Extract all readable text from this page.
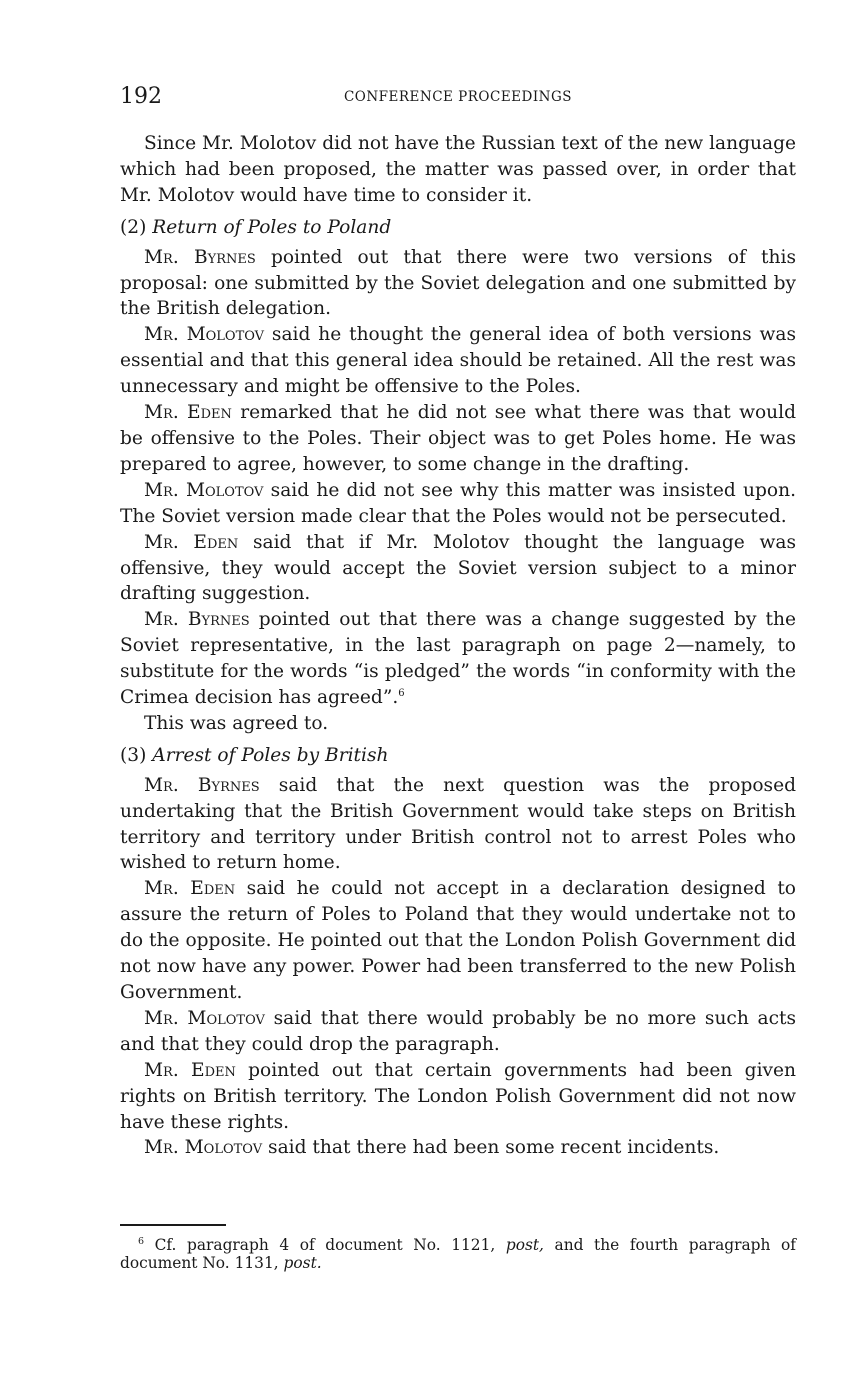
192	CONFERENCE PROCEEDINGS

Since Mr. Molotov did not have the Russian text of the new language which had been proposed, the matter was passed over, in order that Mr. Molotov would have time to consider it.

(2) Return of Poles to Poland

Mr. Byrnes pointed out that there were two versions of this proposal: one submitted by the Soviet delegation and one submitted by the British delegation.

Mr. Molotov said he thought the general idea of both versions was essential and that this general idea should be retained. All the rest was unnecessary and might be offensive to the Poles.

Mr. Eden remarked that he did not see what there was that would be offensive to the Poles. Their object was to get Poles home. He was prepared to agree, however, to some change in the drafting.

Mr. Molotov said he did not see why this matter was insisted upon. The Soviet version made clear that the Poles would not be persecuted.

Mr. Eden said that if Mr. Molotov thought the language was offensive, they would accept the Soviet version subject to a minor drafting suggestion.

Mr. Byrnes pointed out that there was a change suggested by the Soviet representative, in the last paragraph on page 2—namely, to substitute for the words “is pledged” the words “in conformity with the Crimea decision has agreed”.$^6$

This was agreed to.

(3) Arrest of Poles by British

Mr. Byrnes said that the next question was the proposed undertaking that the British Government would take steps on British territory and territory under British control not to arrest Poles who wished to return home.

Mr. Eden said he could not accept in a declaration designed to assure the return of Poles to Poland that they would undertake not to do the opposite. He pointed out that the London Polish Government did not now have any power. Power had been transferred to the new Polish Government.

Mr. Molotov said that there would probably be no more such acts and that they could drop the paragraph.

Mr. Eden pointed out that certain governments had been given rights on British territory. The London Polish Government did not now have these rights.

Mr. Molotov said that there had been some recent incidents.

$^6$ Cf. paragraph 4 of document No. 1121, post, and the fourth paragraph of document No. 1131, post.
